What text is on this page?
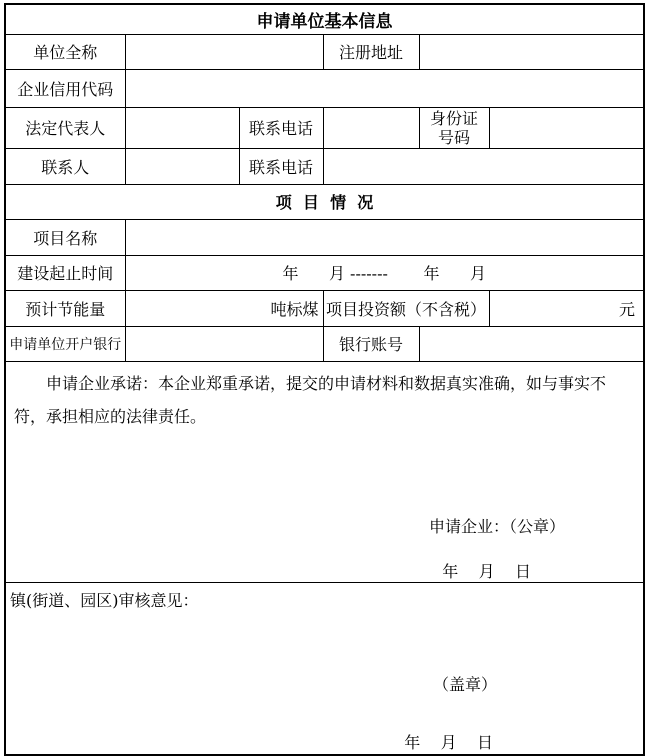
申请单位基本信息					
单位全称			注册地址		
企业信用代码					
法定代表人		联系电话		身份证
号码	

联系人		联系电话			
项  目  情  况					
项目名称					
建设起止时间	年      月 -------       年      月				
预计节能量	吨标煤		项目投资额（不含税）		元
申请单位开户银行			银行账号		

申请企业承诺：本企业郑重承诺，提交的申请材料和数据真实准确，如与事实不符，承担相应的法律责任。

申请企业：（公章）
年    月    日					

镇(街道、园区)审核意见：
（盖章）
年    月    日					
